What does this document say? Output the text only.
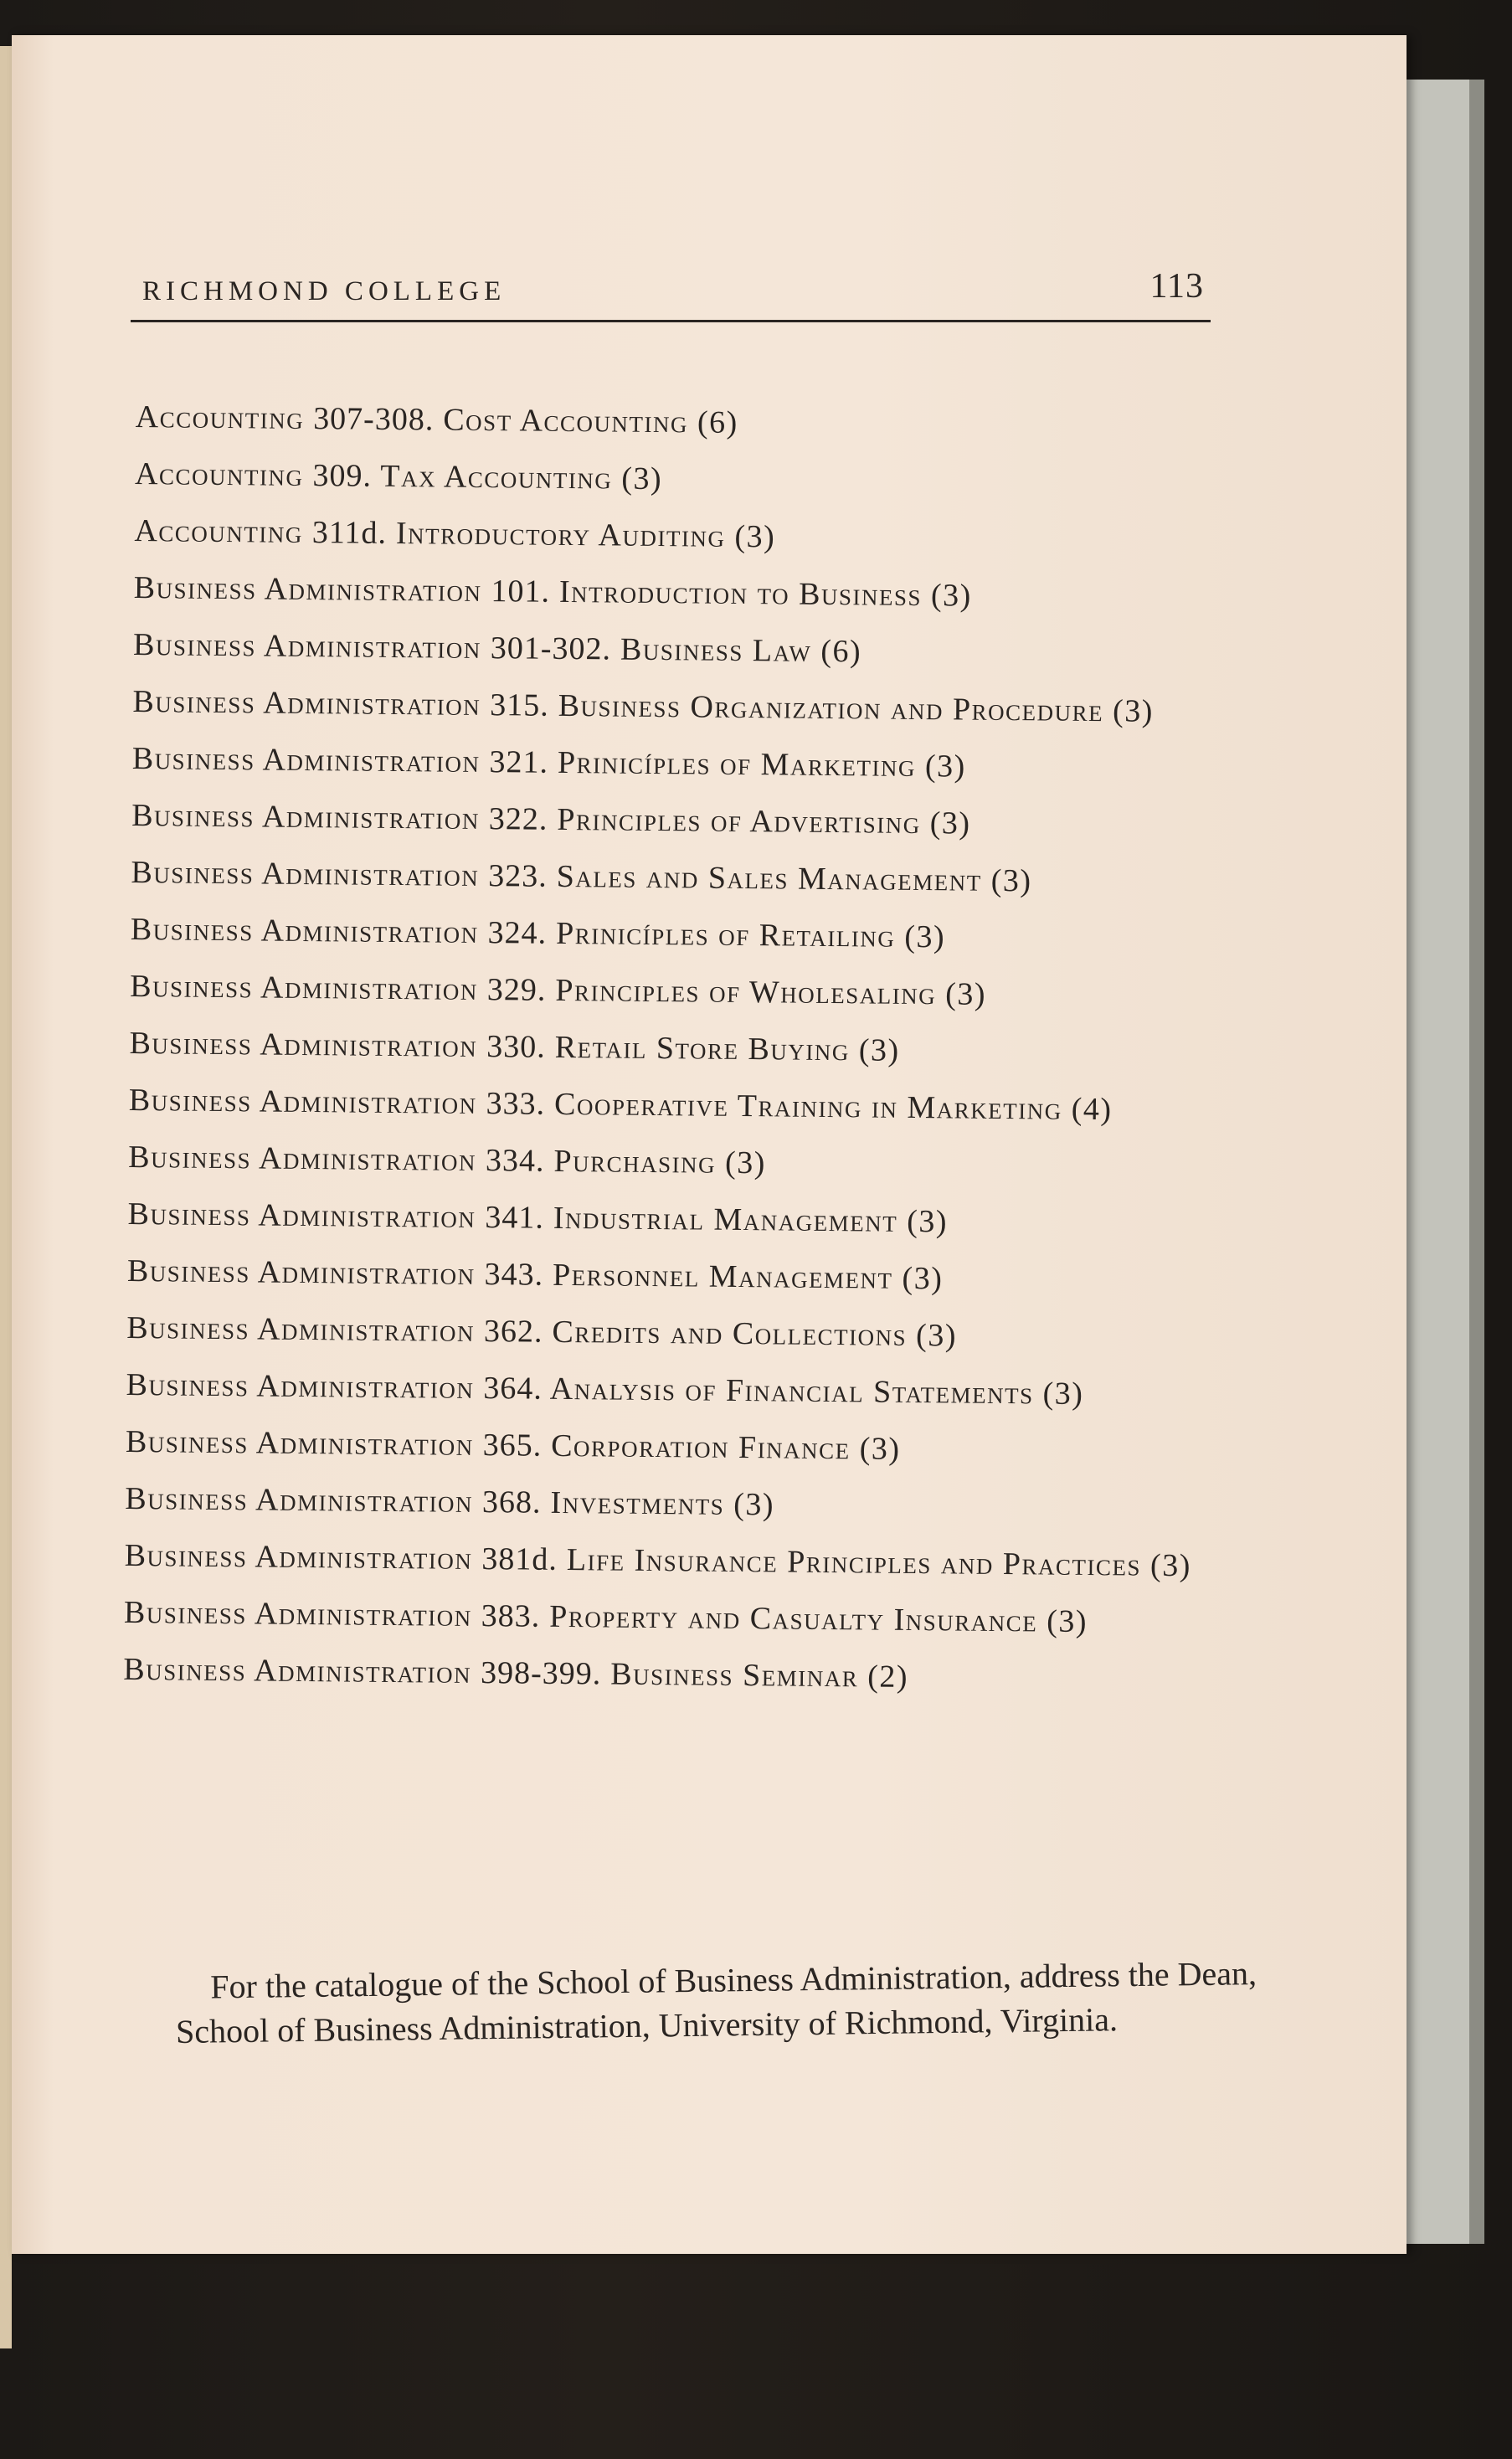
RICHMOND COLLEGE	113
Accounting 307-308. Cost Accounting (6)
Accounting 309. Tax Accounting (3)
Accounting 311d. Introductory Auditing (3)
Business Administration 101. Introduction to Business (3)
Business Administration 301-302. Business Law (6)
Business Administration 315. Business Organization and Procedure (3)
Business Administration 321. Prinicíples of Marketing (3)
Business Administration 322. Principles of Advertising (3)
Business Administration 323. Sales and Sales Management (3)
Business Administration 324. Prinicíples of Retailing (3)
Business Administration 329. Principles of Wholesaling (3)
Business Administration 330. Retail Store Buying (3)
Business Administration 333. Cooperative Training in Marketing (4)
Business Administration 334. Purchasing (3)
Business Administration 341. Industrial Management (3)
Business Administration 343. Personnel Management (3)
Business Administration 362. Credits and Collections (3)
Business Administration 364. Analysis of Financial Statements (3)
Business Administration 365. Corporation Finance (3)
Business Administration 368. Investments (3)
Business Administration 381d. Life Insurance Principles and Practices (3)
Business Administration 383. Property and Casualty Insurance (3)
Business Administration 398-399. Business Seminar (2)

For the catalogue of the School of Business Administration, address the Dean, School of Business Administration, University of Richmond, Virginia.
